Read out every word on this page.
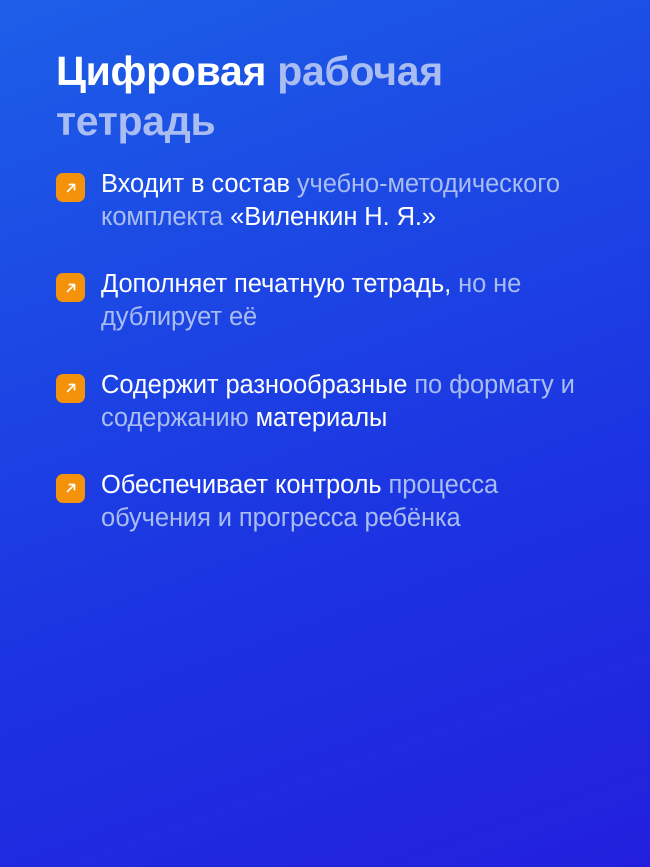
Цифровая рабочая тетрадь
Входит в состав учебно-методического комплекта «Виленкин Н. Я.»
Дополняет печатную тетрадь, но не дублирует её
Содержит разнообразные по формату и содержанию материалы
Обеспечивает контроль процесса обучения и прогресса ребёнка
